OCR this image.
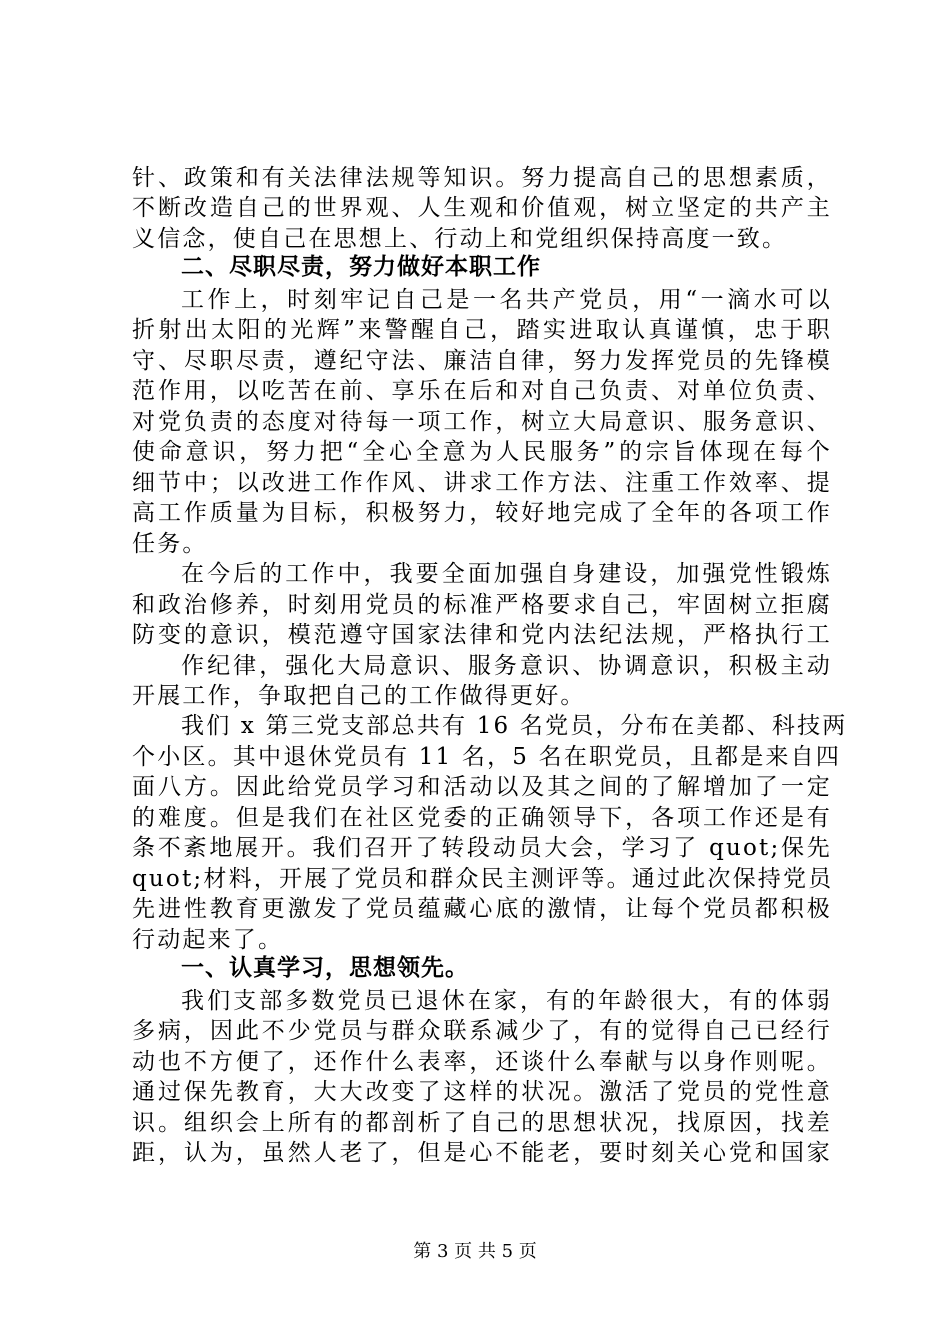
针、政策和有关法律法规等知识。努力提高自己的思想素质，
不断改造自己的世界观、人生观和价值观，树立坚定的共产主
义信念，使自己在思想上、行动上和党组织保持高度一致。
二、尽职尽责，努力做好本职工作
工作上，时刻牢记自己是一名共产党员，用“一滴水可以
折射出太阳的光辉”来警醒自己，踏实进取认真谨慎，忠于职
守、尽职尽责，遵纪守法、廉洁自律，努力发挥党员的先锋模
范作用，以吃苦在前、享乐在后和对自己负责、对单位负责、
对党负责的态度对待每一项工作，树立大局意识、服务意识、
使命意识，努力把“全心全意为人民服务”的宗旨体现在每个
细节中；以改进工作作风、讲求工作方法、注重工作效率、提
高工作质量为目标，积极努力，较好地完成了全年的各项工作
任务。
在今后的工作中，我要全面加强自身建设，加强党性锻炼
和政治修养，时刻用党员的标准严格要求自己，牢固树立拒腐
防变的意识，模范遵守国家法律和党内法纪法规，严格执行工
作纪律，强化大局意识、服务意识、协调意识，积极主动
开展工作，争取把自己的工作做得更好。
我们 x 第三党支部总共有 16 名党员，分布在美都、科技两
个小区。其中退休党员有 11 名，5 名在职党员，且都是来自四
面八方。因此给党员学习和活动以及其之间的了解增加了一定
的难度。但是我们在社区党委的正确领导下，各项工作还是有
条不紊地展开。我们召开了转段动员大会，学习了 quot;保先
quot;材料，开展了党员和群众民主测评等。通过此次保持党员
先进性教育更激发了党员蕴藏心底的激情，让每个党员都积极
行动起来了。
一、认真学习，思想领先。
我们支部多数党员已退休在家，有的年龄很大，有的体弱
多病，因此不少党员与群众联系减少了，有的觉得自己已经行
动也不方便了，还作什么表率，还谈什么奉献与以身作则呢。
通过保先教育，大大改变了这样的状况。激活了党员的党性意
识。组织会上所有的都剖析了自己的思想状况，找原因，找差
距，认为，虽然人老了，但是心不能老，要时刻关心党和国家
第 3 页 共 5 页
